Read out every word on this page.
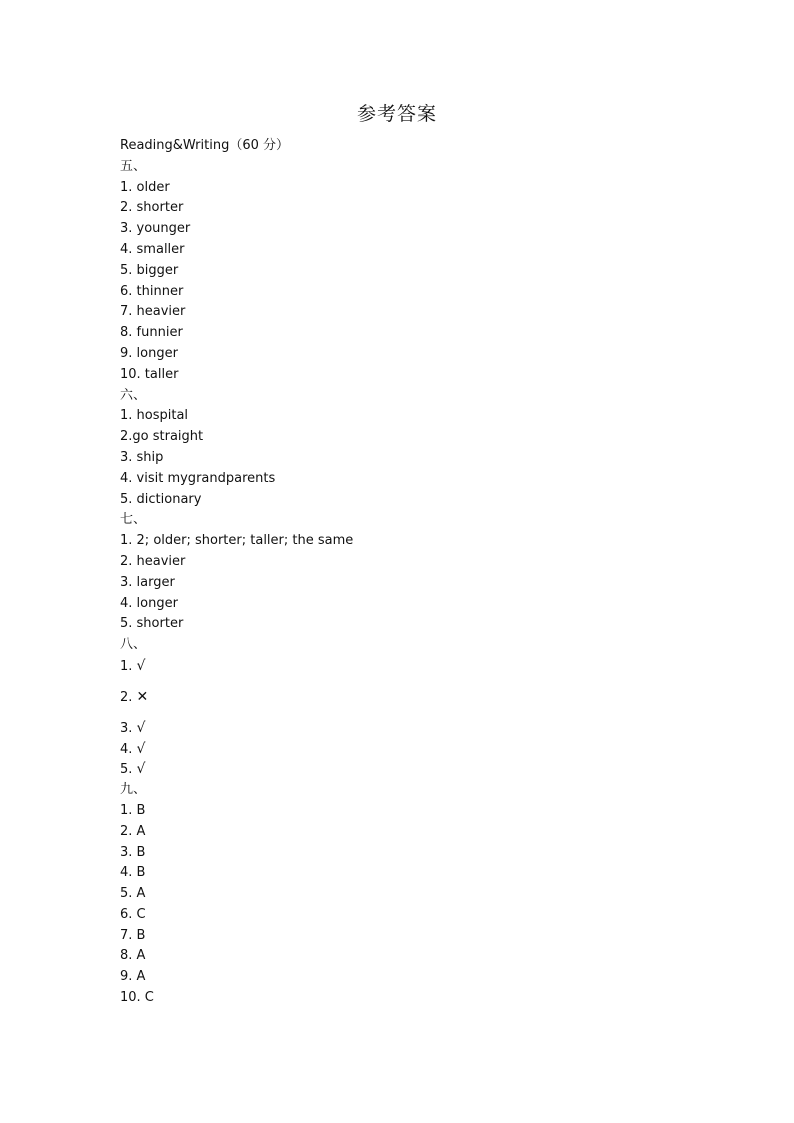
参考答案
Reading&Writing（60 分）
五、
1. older
2. shorter
3. younger
4. smaller
5. bigger
6. thinner
7. heavier
8. funnier
9. longer
10. taller
六、
1. hospital
2.go straight
3. ship
4. visit mygrandparents
5. dictionary
七、
1. 2; older; shorter; taller; the same
2. heavier
3. larger
4. longer
5. shorter
八、
1. √
2. ✕
3. √
4. √
5. √
九、
1. B
2. A
3. B
4. B
5. A
6. C
7. B
8. A
9. A
10. C
